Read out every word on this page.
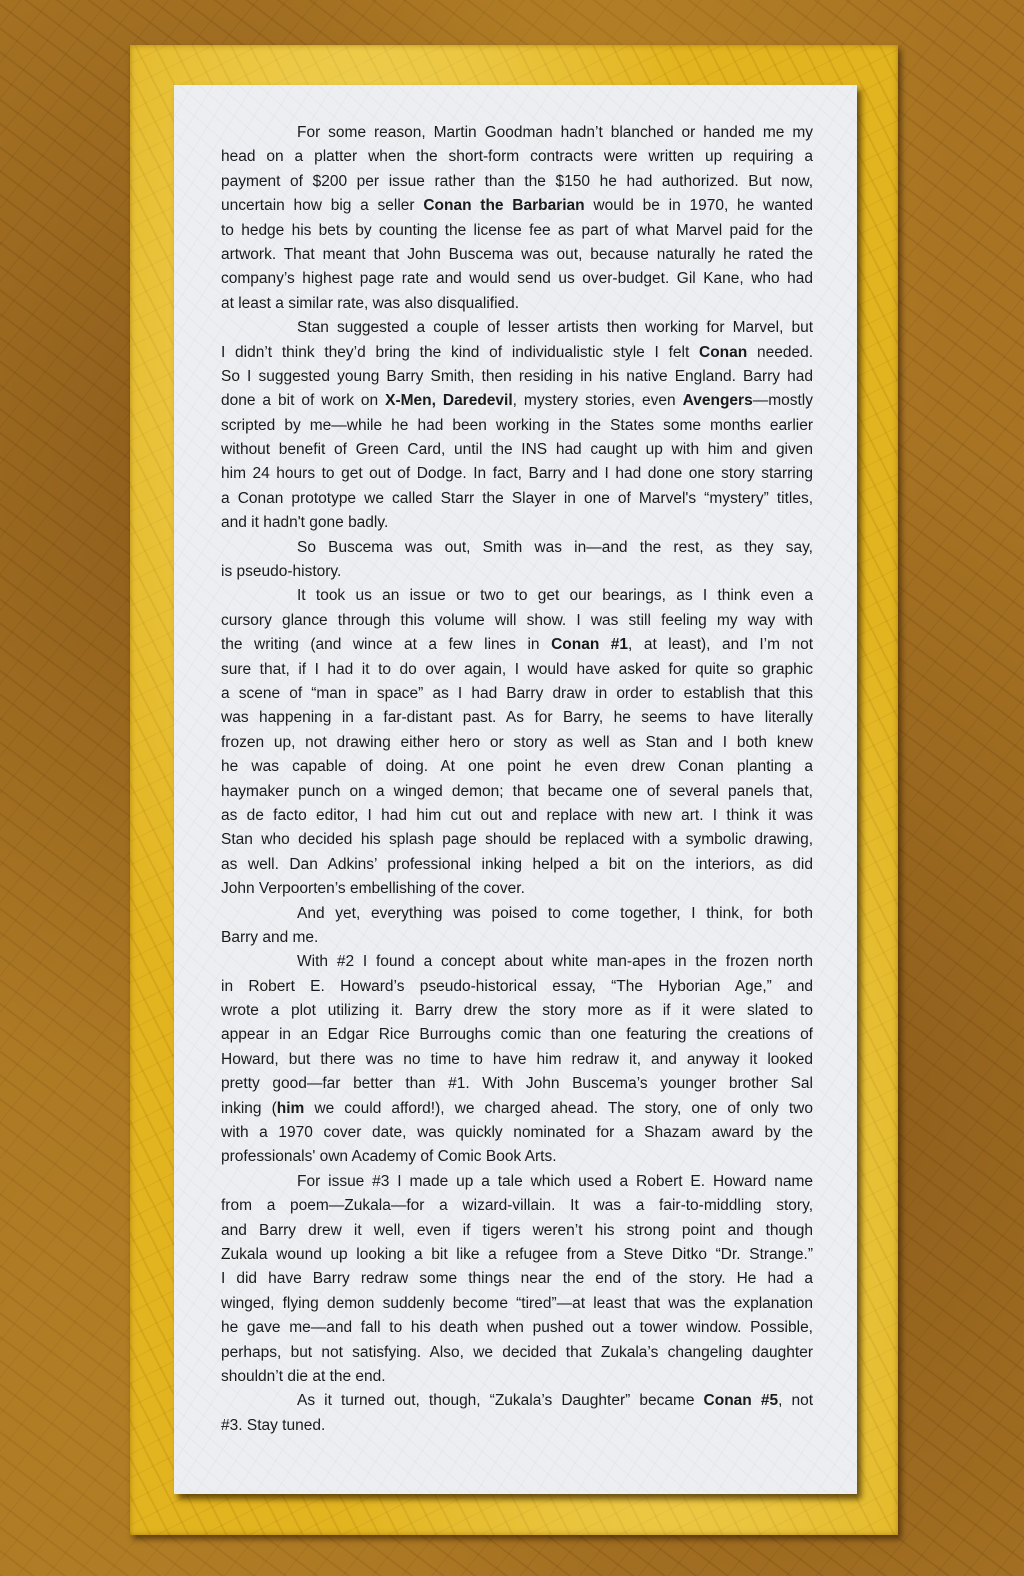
For some reason, Martin Goodman hadn’t blanched or handed me my
head on a platter when the short-form contracts were written up requiring a
payment of $200 per issue rather than the $150 he had authorized. But now,
uncertain how big a seller Conan the Barbarian would be in 1970, he wanted
to hedge his bets by counting the license fee as part of what Marvel paid for the
artwork. That meant that John Buscema was out, because naturally he rated the
company’s highest page rate and would send us over-budget. Gil Kane, who had
at least a similar rate, was also disqualified.
Stan suggested a couple of lesser artists then working for Marvel, but
I didn’t think they’d bring the kind of individualistic style I felt Conan needed.
So I suggested young Barry Smith, then residing in his native England. Barry had
done a bit of work on X-Men, Daredevil, mystery stories, even Avengers—mostly
scripted by me—while he had been working in the States some months earlier
without benefit of Green Card, until the INS had caught up with him and given
him 24 hours to get out of Dodge. In fact, Barry and I had done one story starring
a Conan prototype we called Starr the Slayer in one of Marvel's “mystery” titles,
and it hadn't gone badly.
So Buscema was out, Smith was in—and the rest, as they say,
is pseudo-history.
It took us an issue or two to get our bearings, as I think even a
cursory glance through this volume will show. I was still feeling my way with
the writing (and wince at a few lines in Conan #1, at least), and I’m not
sure that, if I had it to do over again, I would have asked for quite so graphic
a scene of “man in space” as I had Barry draw in order to establish that this
was happening in a far-distant past. As for Barry, he seems to have literally
frozen up, not drawing either hero or story as well as Stan and I both knew
he was capable of doing. At one point he even drew Conan planting a
haymaker punch on a winged demon; that became one of several panels that,
as de facto editor, I had him cut out and replace with new art. I think it was
Stan who decided his splash page should be replaced with a symbolic drawing,
as well. Dan Adkins’ professional inking helped a bit on the interiors, as did
John Verpoorten’s embellishing of the cover.
And yet, everything was poised to come together, I think, for both
Barry and me.
With #2 I found a concept about white man-apes in the frozen north
in Robert E. Howard’s pseudo-historical essay, “The Hyborian Age,” and
wrote a plot utilizing it. Barry drew the story more as if it were slated to
appear in an Edgar Rice Burroughs comic than one featuring the creations of
Howard, but there was no time to have him redraw it, and anyway it looked
pretty good—far better than #1. With John Buscema’s younger brother Sal
inking (him we could afford!), we charged ahead. The story, one of only two
with a 1970 cover date, was quickly nominated for a Shazam award by the
professionals' own Academy of Comic Book Arts.
For issue #3 I made up a tale which used a Robert E. Howard name
from a poem—Zukala—for a wizard-villain. It was a fair-to-middling story,
and Barry drew it well, even if tigers weren’t his strong point and though
Zukala wound up looking a bit like a refugee from a Steve Ditko “Dr. Strange.”
I did have Barry redraw some things near the end of the story. He had a
winged, flying demon suddenly become “tired”—at least that was the explanation
he gave me—and fall to his death when pushed out a tower window. Possible,
perhaps, but not satisfying. Also, we decided that Zukala’s changeling daughter
shouldn’t die at the end.
As it turned out, though, “Zukala’s Daughter” became Conan #5, not
#3. Stay tuned.
